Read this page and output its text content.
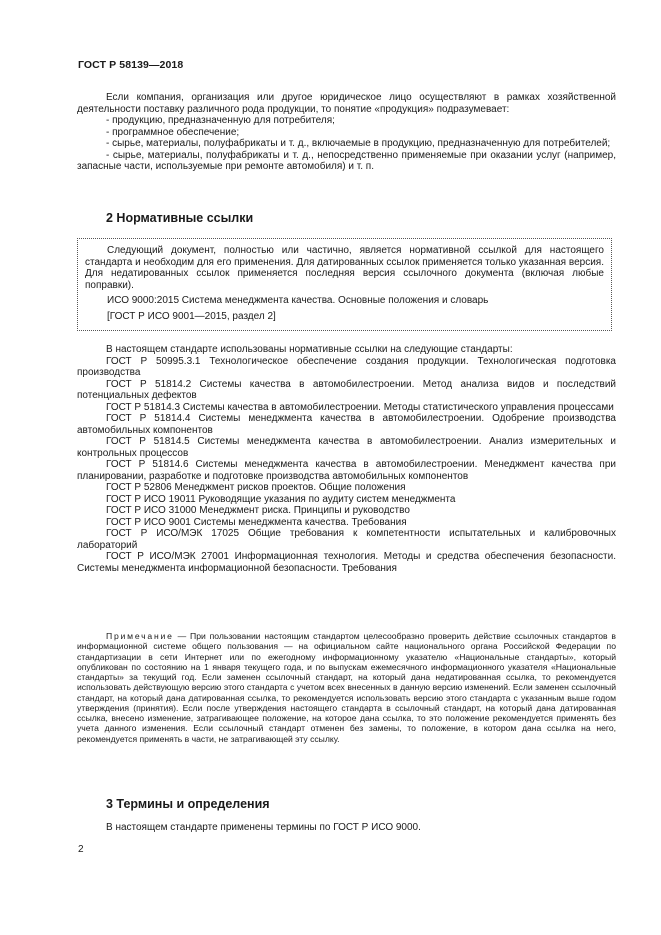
ГОСТ Р 58139—2018

Если компания, организация или другое юридическое лицо осуществляют в рамках хозяйственной деятельности поставку различного рода продукции, то понятие «продукция» подразумевает:

- продукцию, предназначенную для потребителя;

- программное обеспечение;

- сырье, материалы, полуфабрикаты и т. д., включаемые в продукцию, предназначенную для потребителей;

- сырье, материалы, полуфабрикаты и т. д., непосредственно применяемые при оказании услуг (например, запасные части, используемые при ремонте автомобиля) и т. п.

2 Нормативные ссылки

Следующий документ, полностью или частично, является нормативной ссылкой для настоящего стандарта и необходим для его применения. Для датированных ссылок применяется только указанная версия. Для недатированных ссылок применяется последняя версия ссылочного документа (включая любые поправки).

ИСО 9000:2015 Система менеджмента качества. Основные положения и словарь

[ГОСТ Р ИСО 9001—2015, раздел 2]

В настоящем стандарте использованы нормативные ссылки на следующие стандарты:

ГОСТ Р 50995.3.1 Технологическое обеспечение создания продукции. Технологическая подготовка производства

ГОСТ Р 51814.2 Системы качества в автомобилестроении. Метод анализа видов и последствий потенциальных дефектов

ГОСТ Р 51814.3 Системы качества в автомобилестроении. Методы статистического управления процессами

ГОСТ Р 51814.4 Системы менеджмента качества в автомобилестроении. Одобрение производства автомобильных компонентов

ГОСТ Р 51814.5 Системы менеджмента качества в автомобилестроении. Анализ измерительных и контрольных процессов

ГОСТ Р 51814.6 Системы менеджмента качества в автомобилестроении. Менеджмент качества при планировании, разработке и подготовке производства автомобильных компонентов

ГОСТ Р 52806 Менеджмент рисков проектов. Общие положения

ГОСТ Р ИСО 19011 Руководящие указания по аудиту систем менеджмента

ГОСТ Р ИСО 31000 Менеджмент риска. Принципы и руководство

ГОСТ Р ИСО 9001 Системы менеджмента качества. Требования

ГОСТ Р ИСО/МЭК 17025 Общие требования к компетентности испытательных и калибровочных лабораторий

ГОСТ Р ИСО/МЭК 27001 Информационная технология. Методы и средства обеспечения безопасности. Системы менеджмента информационной безопасности. Требования

Примечание — При пользовании настоящим стандартом целесообразно проверить действие ссылочных стандартов в информационной системе общего пользования — на официальном сайте национального органа Российской Федерации по стандартизации в сети Интернет или по ежегодному информационному указателю «Национальные стандарты», который опубликован по состоянию на 1 января текущего года, и по выпускам ежемесячного информационного указателя «Национальные стандарты» за текущий год. Если заменен ссылочный стандарт, на который дана недатированная ссылка, то рекомендуется использовать действующую версию этого стандарта с учетом всех внесенных в данную версию изменений. Если заменен ссылочный стандарт, на который дана датированная ссылка, то рекомендуется использовать версию этого стандарта с указанным выше годом утверждения (принятия). Если после утверждения настоящего стандарта в ссылочный стандарт, на который дана датированная ссылка, внесено изменение, затрагивающее положение, на которое дана ссылка, то это положение рекомендуется применять без учета данного изменения. Если ссылочный стандарт отменен без замены, то положение, в котором дана ссылка на него, рекомендуется применять в части, не затрагивающей эту ссылку.

3 Термины и определения

В настоящем стандарте применены термины по ГОСТ Р ИСО 9000.

2
